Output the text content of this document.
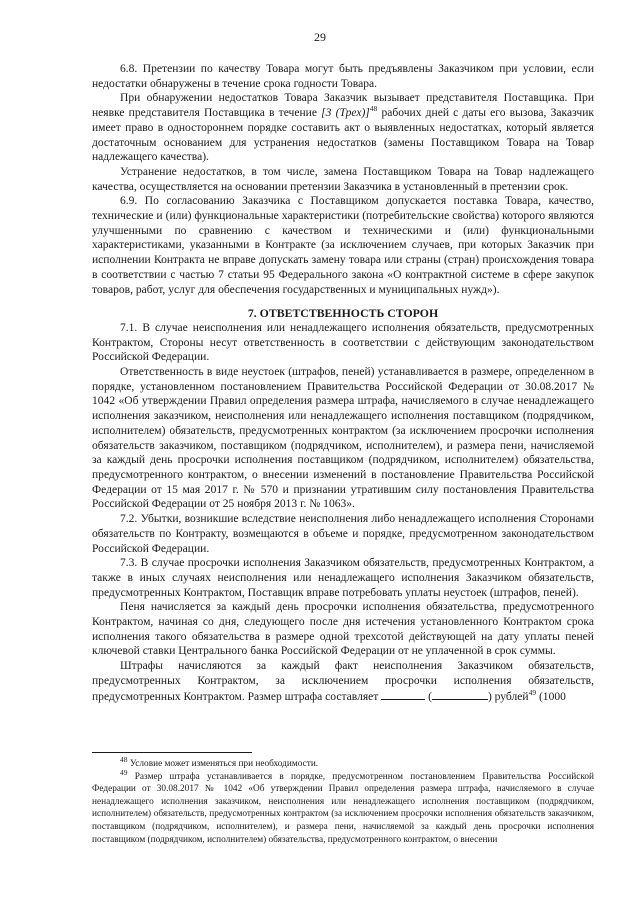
29

6.8. Претензии по качеству Товара могут быть предъявлены Заказчиком при условии, если недостатки обнаружены в течение срока годности Товара.

При обнаружении недостатков Товара Заказчик вызывает представителя Поставщика. При неявке представителя Поставщика в течение [3 (Трех)]$^{48}$ рабочих дней с даты его вызова, Заказчик имеет право в одностороннем порядке составить акт о выявленных недостатках, который является достаточным основанием для устранения недостатков (замены Поставщиком Товара на Товар надлежащего качества).

Устранение недостатков, в том числе, замена Поставщиком Товара на Товар надлежащего качества, осуществляется на основании претензии Заказчика в установленный в претензии срок.

6.9. По согласованию Заказчика с Поставщиком допускается поставка Товара, качество, технические и (или) функциональные характеристики (потребительские свойства) которого являются улучшенными по сравнению с качеством и техническими и (или) функциональными характеристиками, указанными в Контракте (за исключением случаев, при которых Заказчик при исполнении Контракта не вправе допускать замену товара или страны (стран) происхождения товара в соответствии с частью 7 статьи 95 Федерального закона «О контрактной системе в сфере закупок товаров, работ, услуг для обеспечения государственных и муниципальных нужд»).

7. ОТВЕТСТВЕННОСТЬ СТОРОН

7.1. В случае неисполнения или ненадлежащего исполнения обязательств, предусмотренных Контрактом, Стороны несут ответственность в соответствии с действующим законодательством Российской Федерации.

Ответственность в виде неустоек (штрафов, пеней) устанавливается в размере, определенном в порядке, установленном постановлением Правительства Российской Федерации от 30.08.2017 № 1042 «Об утверждении Правил определения размера штрафа, начисляемого в случае ненадлежащего исполнения заказчиком, неисполнения или ненадлежащего исполнения поставщиком (подрядчиком, исполнителем) обязательств, предусмотренных контрактом (за исключением просрочки исполнения обязательств заказчиком, поставщиком (подрядчиком, исполнителем), и размера пени, начисляемой за каждый день просрочки исполнения поставщиком (подрядчиком, исполнителем) обязательства, предусмотренного контрактом, о внесении изменений в постановление Правительства Российской Федерации от 15 мая 2017 г. № 570 и признании утратившим силу постановления Правительства Российской Федерации от 25 ноября 2013 г. № 1063».

7.2. Убытки, возникшие вследствие неисполнения либо ненадлежащего исполнения Сторонами обязательств по Контракту, возмещаются в объеме и порядке, предусмотренном законодательством Российской Федерации.

7.3. В случае просрочки исполнения Заказчиком обязательств, предусмотренных Контрактом, а также в иных случаях неисполнения или ненадлежащего исполнения Заказчиком обязательств, предусмотренных Контрактом, Поставщик вправе потребовать уплаты неустоек (штрафов, пеней).

Пеня начисляется за каждый день просрочки исполнения обязательства, предусмотренного Контрактом, начиная со дня, следующего после дня истечения установленного Контрактом срока исполнения такого обязательства в размере одной трехсотой действующей на дату уплаты пеней ключевой ставки Центрального банка Российской Федерации от не уплаченной в срок суммы.

Штрафы начисляются за каждый факт неисполнения Заказчиком обязательств, предусмотренных Контрактом, за исключением просрочки исполнения обязательств, предусмотренных Контрактом. Размер штрафа составляет	(	) рублей$^{49}$ (1000

$^{48}$ Условие может изменяться при необходимости.

$^{49}$ Размер штрафа устанавливается в порядке, предусмотренном постановлением Правительства Российской Федерации от 30.08.2017 № 1042 «Об утверждении Правил определения размера штрафа, начисляемого в случае ненадлежащего исполнения заказчиком, неисполнения или ненадлежащего исполнения поставщиком (подрядчиком, исполнителем) обязательств, предусмотренных контрактом (за исключением просрочки исполнения обязательств заказчиком, поставщиком (подрядчиком, исполнителем), и размера пени, начисляемой за каждый день просрочки исполнения поставщиком (подрядчиком, исполнителем) обязательства, предусмотренного контрактом, о внесении
